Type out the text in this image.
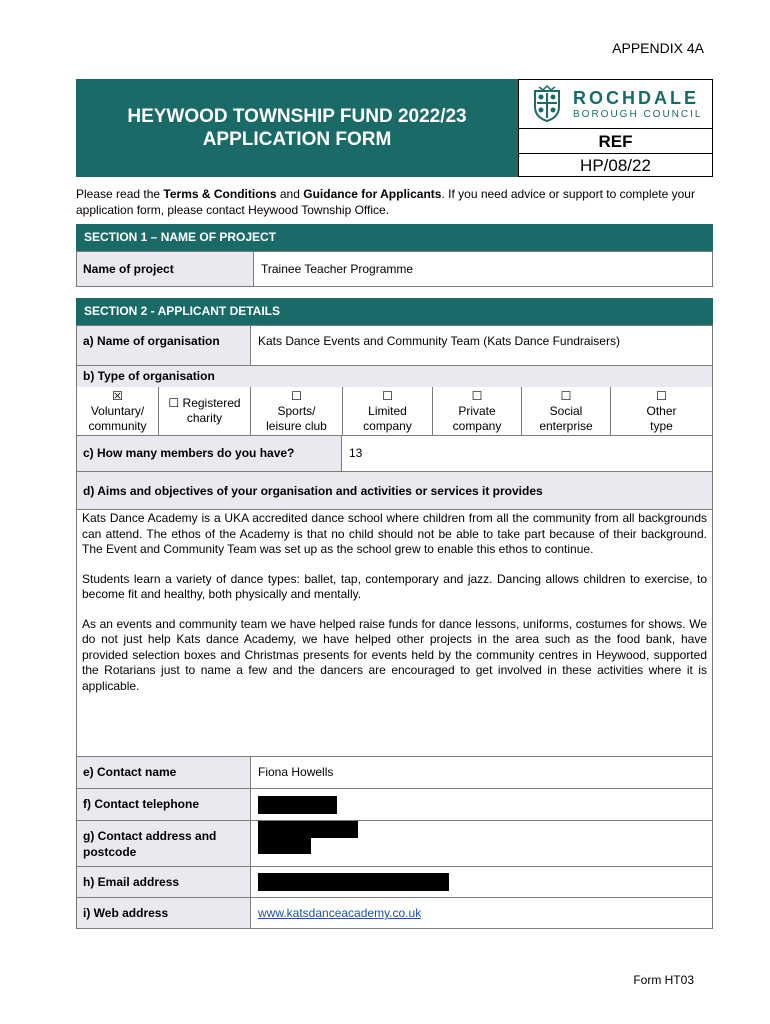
APPENDIX 4A
HEYWOOD TOWNSHIP FUND 2022/23
APPLICATION FORM
ROCHDALE
BOROUGH COUNCIL
REF
HP/08/22
Please read the Terms & Conditions and Guidance for Applicants. If you need advice or support to complete your application form, please contact Heywood Township Office.
SECTION 1 – NAME OF PROJECT
Name of project	Trainee Teacher Programme
SECTION 2 - APPLICANT DETAILS
a) Name of organisation	Kats Dance Events and Community Team (Kats Dance Fundraisers)
b) Type of organisation
☒
Voluntary/
community
☐ Registered
charity
☐
Sports/
leisure club
☐
Limited
company
☐
Private
company
☐
Social
enterprise
☐
Other
type
c) How many members do you have?	13
d) Aims and objectives of your organisation and activities or services it provides

Kats Dance Academy is a UKA accredited dance school where children from all the community from all backgrounds can attend. The ethos of the Academy is that no child should not be able to take part because of their background. The Event and Community Team was set up as the school grew to enable this ethos to continue.

Students learn a variety of dance types: ballet, tap, contemporary and jazz. Dancing allows children to exercise, to become fit and healthy, both physically and mentally.

As an events and community team we have helped raise funds for dance lessons, uniforms, costumes for shows. We do not just help Kats dance Academy, we have helped other projects in the area such as the food bank, have provided selection boxes and Christmas presents for events held by the community centres in Heywood, supported the Rotarians just to name a few and the dancers are encouraged to get involved in these activities where it is applicable.

e) Contact name	Fiona Howells
f) Contact telephone
g) Contact address and postcode
h) Email address
i) Web address	www.katsdanceacademy.co.uk
Form HT03
